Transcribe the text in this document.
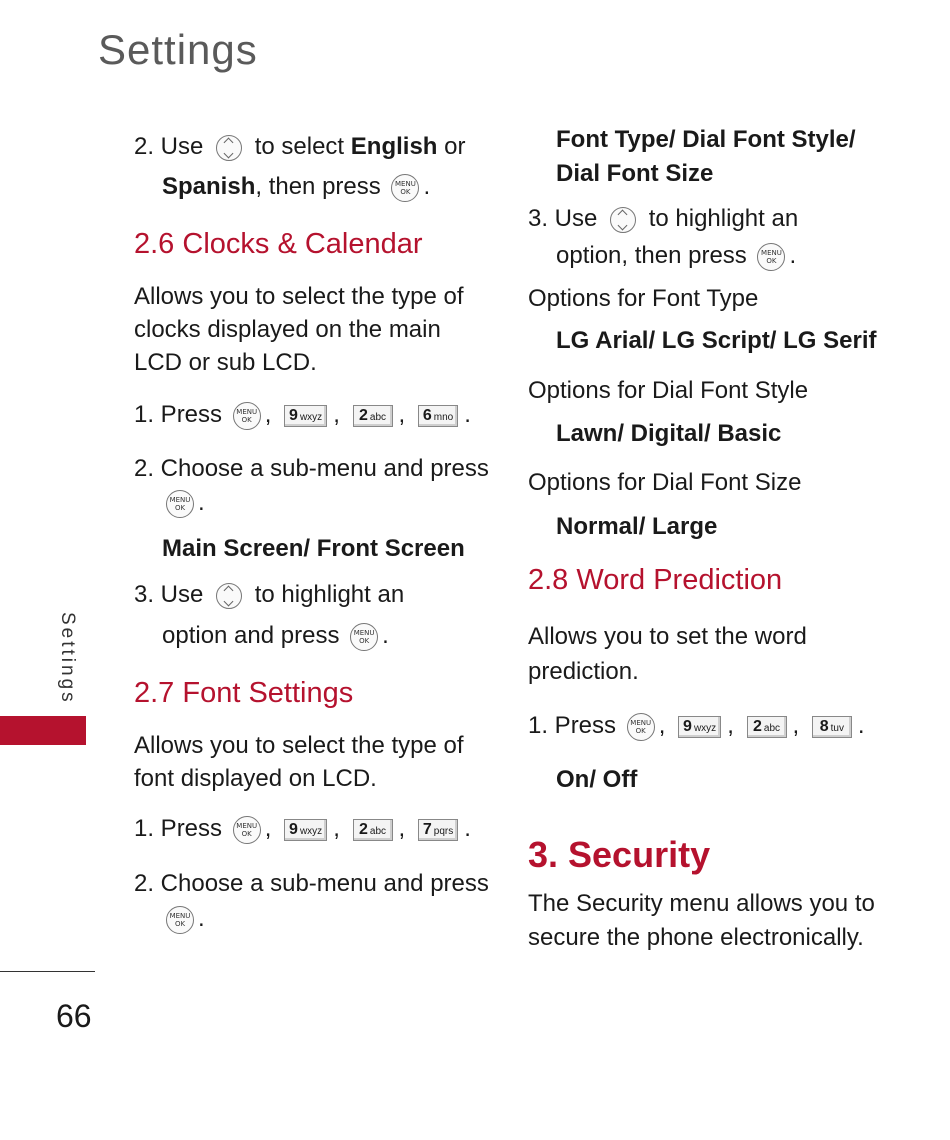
Settings
2. Use to select English or
Spanish, then press MENU
OK .
2.6 Clocks & Calendar
Allows you to select the type of
clocks displayed on the main
LCD or sub LCD.
1. Press MENU
OK , 9 wxyz , 2 abc , 6 mno .
2. Choose a sub-menu and press
MENU
OK .
Main Screen/ Front Screen
3. Use to highlight an
option and press MENU
OK .
2.7 Font Settings
Allows you to select the type of
font displayed on LCD.
1. Press MENU
OK , 9 wxyz , 2 abc , 7 pqrs .
2. Choose a sub-menu and press
MENU
OK .
Font Type/ Dial Font Style/
Dial Font Size
3. Use to highlight an
option, then press MENU
OK .
Options for Font Type
LG Arial/ LG Script/ LG Serif
Options for Dial Font Style
Lawn/ Digital/ Basic
Options for Dial Font Size
Normal/ Large
2.8 Word Prediction
Allows you to set the word
prediction.
1. Press MENU
OK , 9 wxyz , 2 abc , 8 tuv .
On/ Off
3. Security
The Security menu allows you to
secure the phone electronically.
Settings
66
